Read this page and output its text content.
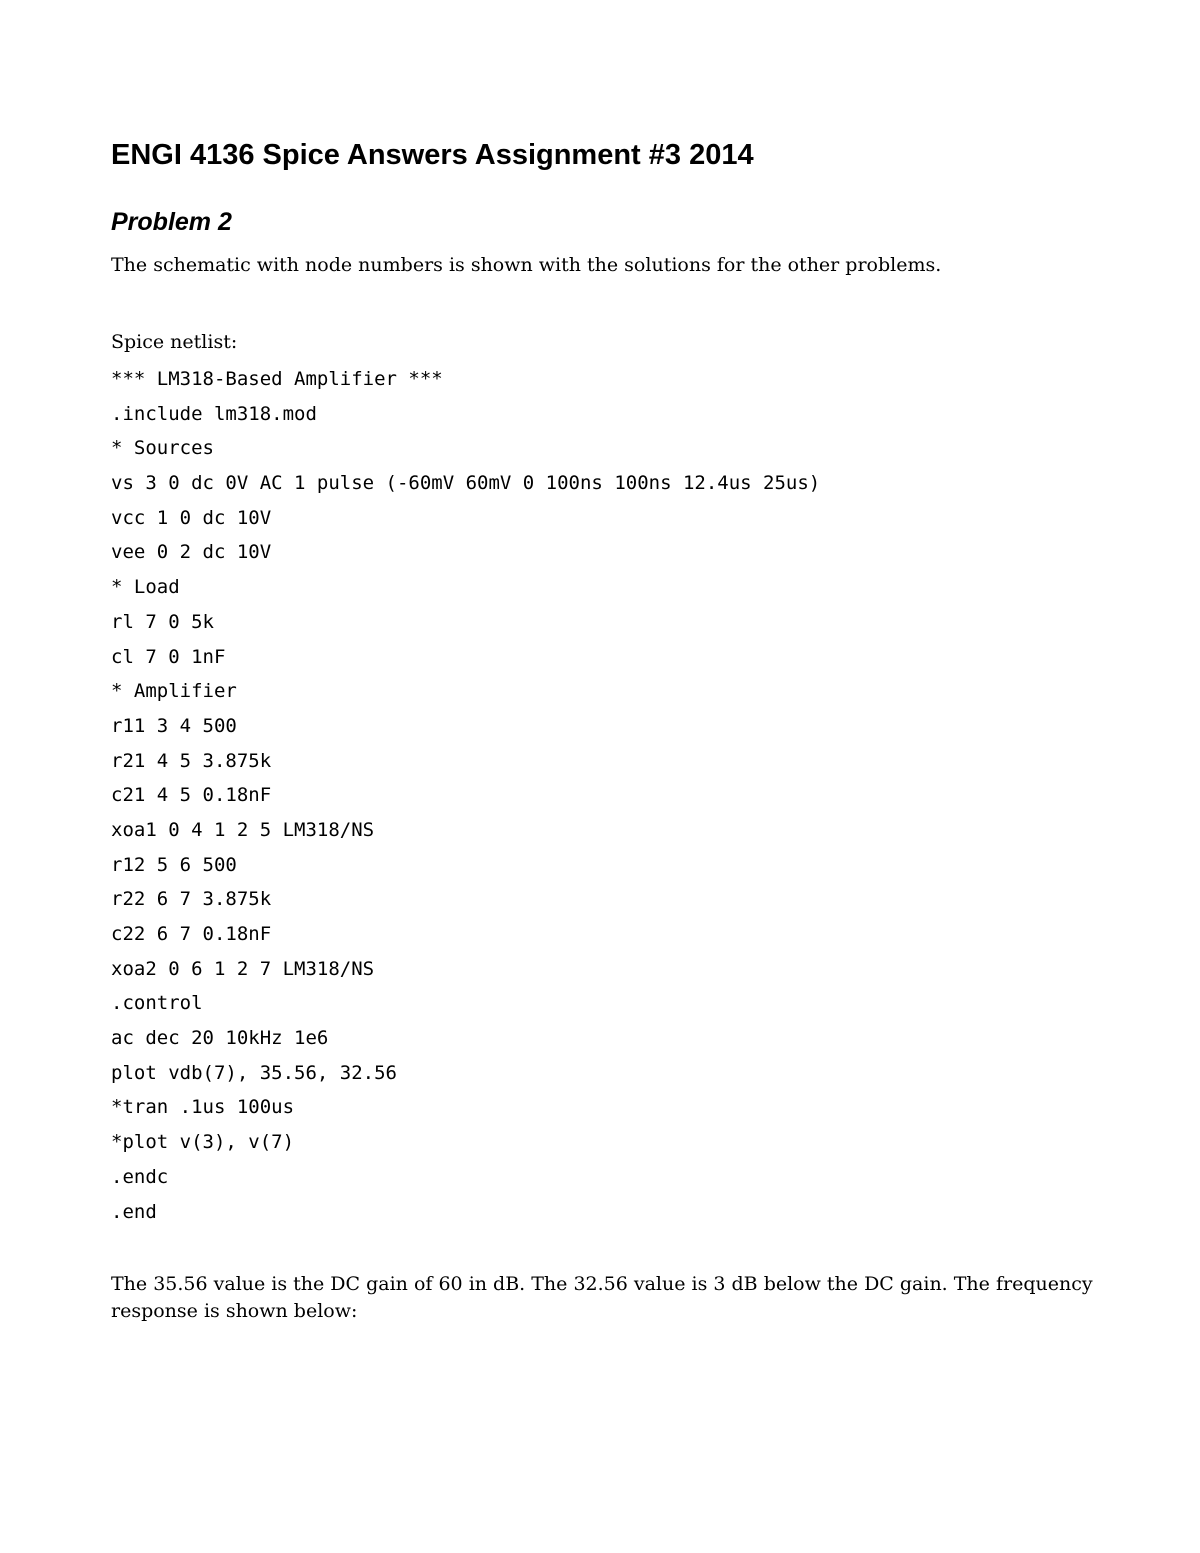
ENGI 4136 Spice Answers Assignment #3 2014
Problem 2

The schematic with node numbers is shown with the solutions for the other problems.

Spice netlist:

*** LM318-Based Amplifier ***
.include lm318.mod
* Sources
vs 3 0 dc 0V AC 1 pulse (-60mV 60mV 0 100ns 100ns 12.4us 25us)
vcc 1 0 dc 10V
vee 0 2 dc 10V
* Load
rl 7 0 5k
cl 7 0 1nF
* Amplifier
r11 3 4 500
r21 4 5 3.875k
c21 4 5 0.18nF
xoa1 0 4 1 2 5 LM318/NS
r12 5 6 500
r22 6 7 3.875k
c22 6 7 0.18nF
xoa2 0 6 1 2 7 LM318/NS
.control
ac dec 20 10kHz 1e6
plot vdb(7), 35.56, 32.56
*tran .1us 100us
*plot v(3), v(7)
.endc
.end

The 35.56 value is the DC gain of 60 in dB. The 32.56 value is 3 dB below the DC gain. The frequency response is shown below:
